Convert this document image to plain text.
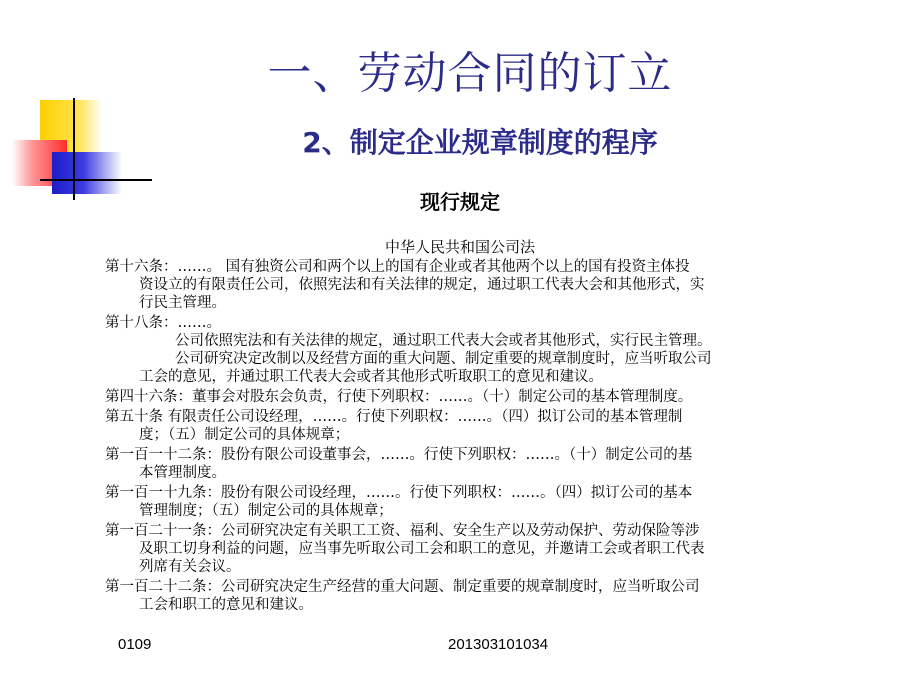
一、劳动合同的订立
2、制定企业规章制度的程序
现行规定
中华人民共和国公司法
第十六条：……。 国有独资公司和两个以上的国有企业或者其他两个以上的国有投资主体投
资设立的有限责任公司，依照宪法和有关法律的规定，通过职工代表大会和其他形式，实
行民主管理。
第十八条：……。
公司依照宪法和有关法律的规定，通过职工代表大会或者其他形式，实行民主管理。
公司研究决定改制以及经营方面的重大问题、制定重要的规章制度时，应当听取公司
工会的意见，并通过职工代表大会或者其他形式听取职工的意见和建议。
第四十六条：董事会对股东会负责，行使下列职权：……。（十）制定公司的基本管理制度。
第五十条 有限责任公司设经理，……。行使下列职权：……。（四）拟订公司的基本管理制
度；（五）制定公司的具体规章；
第一百一十二条：股份有限公司设董事会，……。行使下列职权：……。（十）制定公司的基
本管理制度。
第一百一十九条：股份有限公司设经理，……。行使下列职权：……。（四）拟订公司的基本
管理制度；（五）制定公司的具体规章；
第一百二十一条：公司研究决定有关职工工资、福利、安全生产以及劳动保护、劳动保险等涉
及职工切身利益的问题，应当事先听取公司工会和职工的意见，并邀请工会或者职工代表
列席有关会议。
第一百二十二条：公司研究决定生产经营的重大问题、制定重要的规章制度时，应当听取公司
工会和职工的意见和建议。
0109	201303101034
